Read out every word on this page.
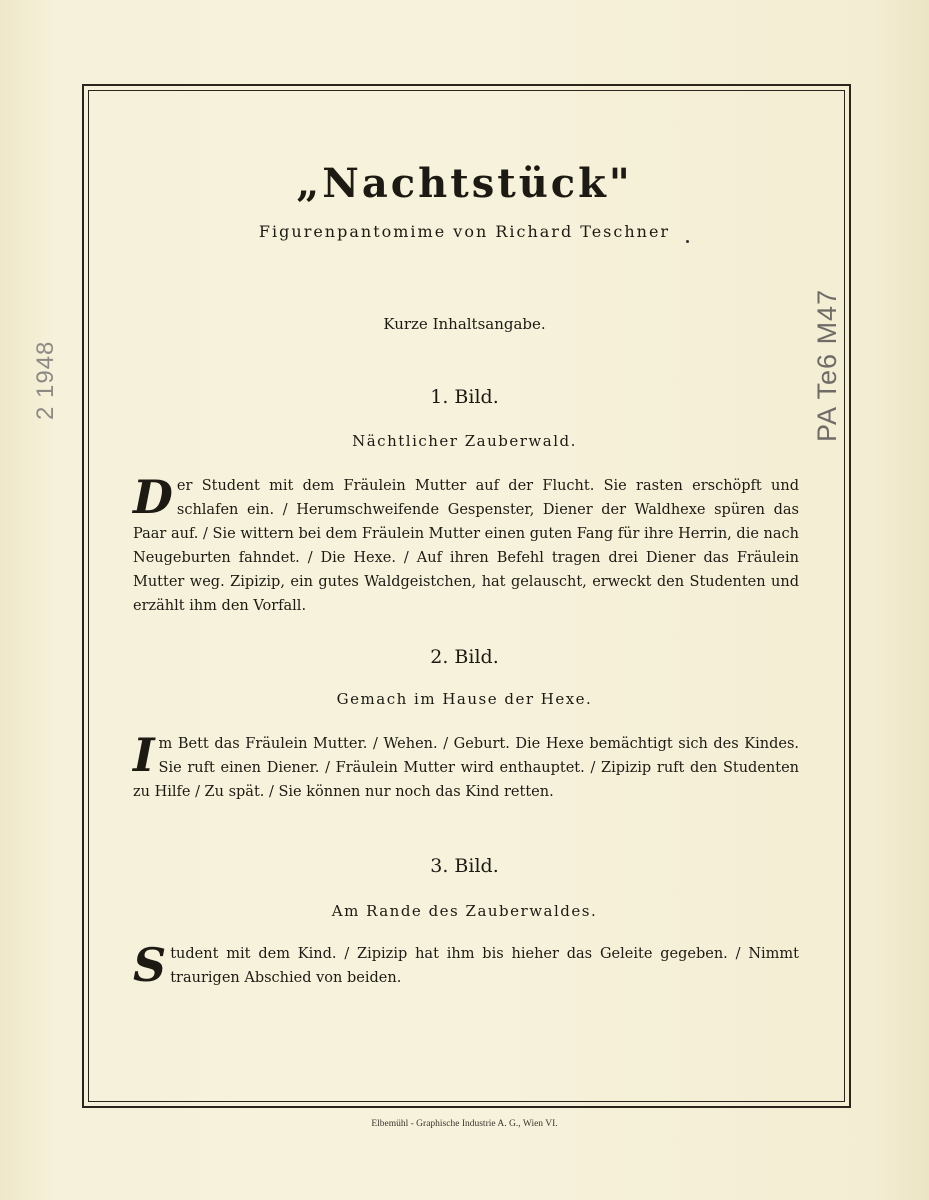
2 1948	PA Te6 M47
„Nachtstück"
Figurenpantomime von Richard Teschner
Kurze Inhaltsangabe.
1. Bild.
Nächtlicher Zauberwald.
Der Student mit dem Fräulein Mutter auf der Flucht. Sie rasten erschöpft und schlafen ein. / Herumschweifende Gespenster, Diener der Waldhexe spüren das Paar auf. / Sie wittern bei dem Fräulein Mutter einen guten Fang für ihre Herrin, die nach Neugeburten fahndet. / Die Hexe. / Auf ihren Befehl tragen drei Diener das Fräulein Mutter weg. Zipizip, ein gutes Waldgeistchen, hat gelauscht, erweckt den Studenten und erzählt ihm den Vorfall.
2. Bild.
Gemach im Hause der Hexe.
Im Bett das Fräulein Mutter. / Wehen. / Geburt. Die Hexe bemächtigt sich des Kindes. Sie ruft einen Diener. / Fräulein Mutter wird enthauptet. / Zipizip ruft den Studenten zu Hilfe / Zu spät. / Sie können nur noch das Kind retten.
3. Bild.
Am Rande des Zauberwaldes.
Student mit dem Kind. / Zipizip hat ihm bis hieher das Geleite gegeben. / Nimmt traurigen Abschied von beiden.
Elbemühl - Graphische Industrie A. G., Wien VI.
